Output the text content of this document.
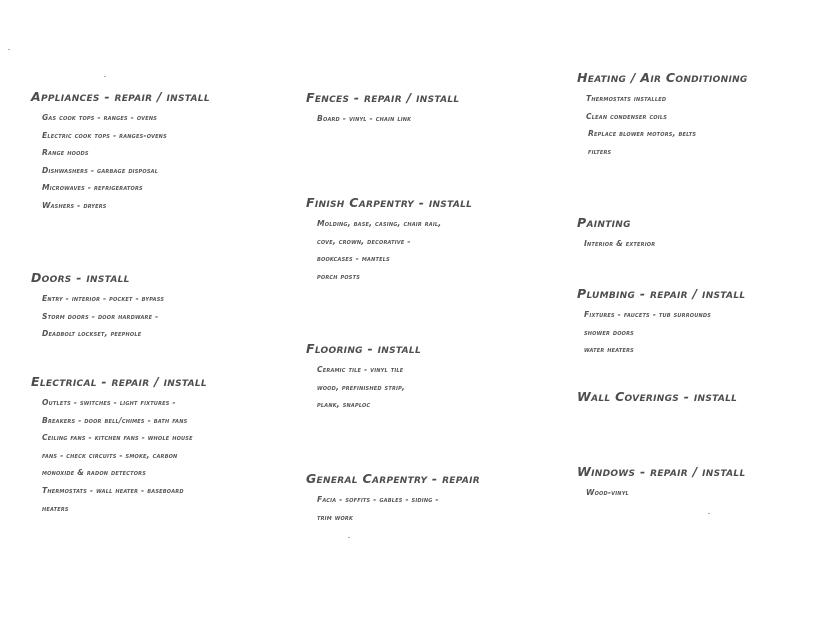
Appliances - repair / install
Gas cook tops - ranges - ovens
Electric cook tops - ranges-ovens
Range hoods
Dishwashers - garbage disposal
Microwaves - refrigerators
Washers - dryers
Doors - install
Entry - interior - pocket - bypass
Storm doors - door hardware -
Deadbolt lockset, peephole
Electrical - repair / install
Outlets - switches - light fixtures -
Breakers - door bell/chimes - bath fans
Ceiling fans - kitchen fans - whole house
fans - check circuits - smoke, carbon
monoxide & radon detectors
Thermostats - wall heater - baseboard
heaters
Fences - repair / install
Board - vinyl - chain link
Finish Carpentry - install
Molding, base, casing, chair rail,
cove, crown, decorative -
bookcases - mantels
porch posts
Flooring - install
Ceramic tile - vinyl tile
wood, prefinished strip,
plank, snaploc
General Carpentry - repair
Facia - soffits - gables - siding -
trim work
Heating / Air Conditioning
Thermostats installed
Clean condenser coils
Replace blower motors, belts
filters
Painting
Interior & exterior
Plumbing - repair / install
Fixtures - faucets - tub surrounds
shower doors
water heaters
Wall Coverings - install
Windows - repair / install
Wood-vinyl
